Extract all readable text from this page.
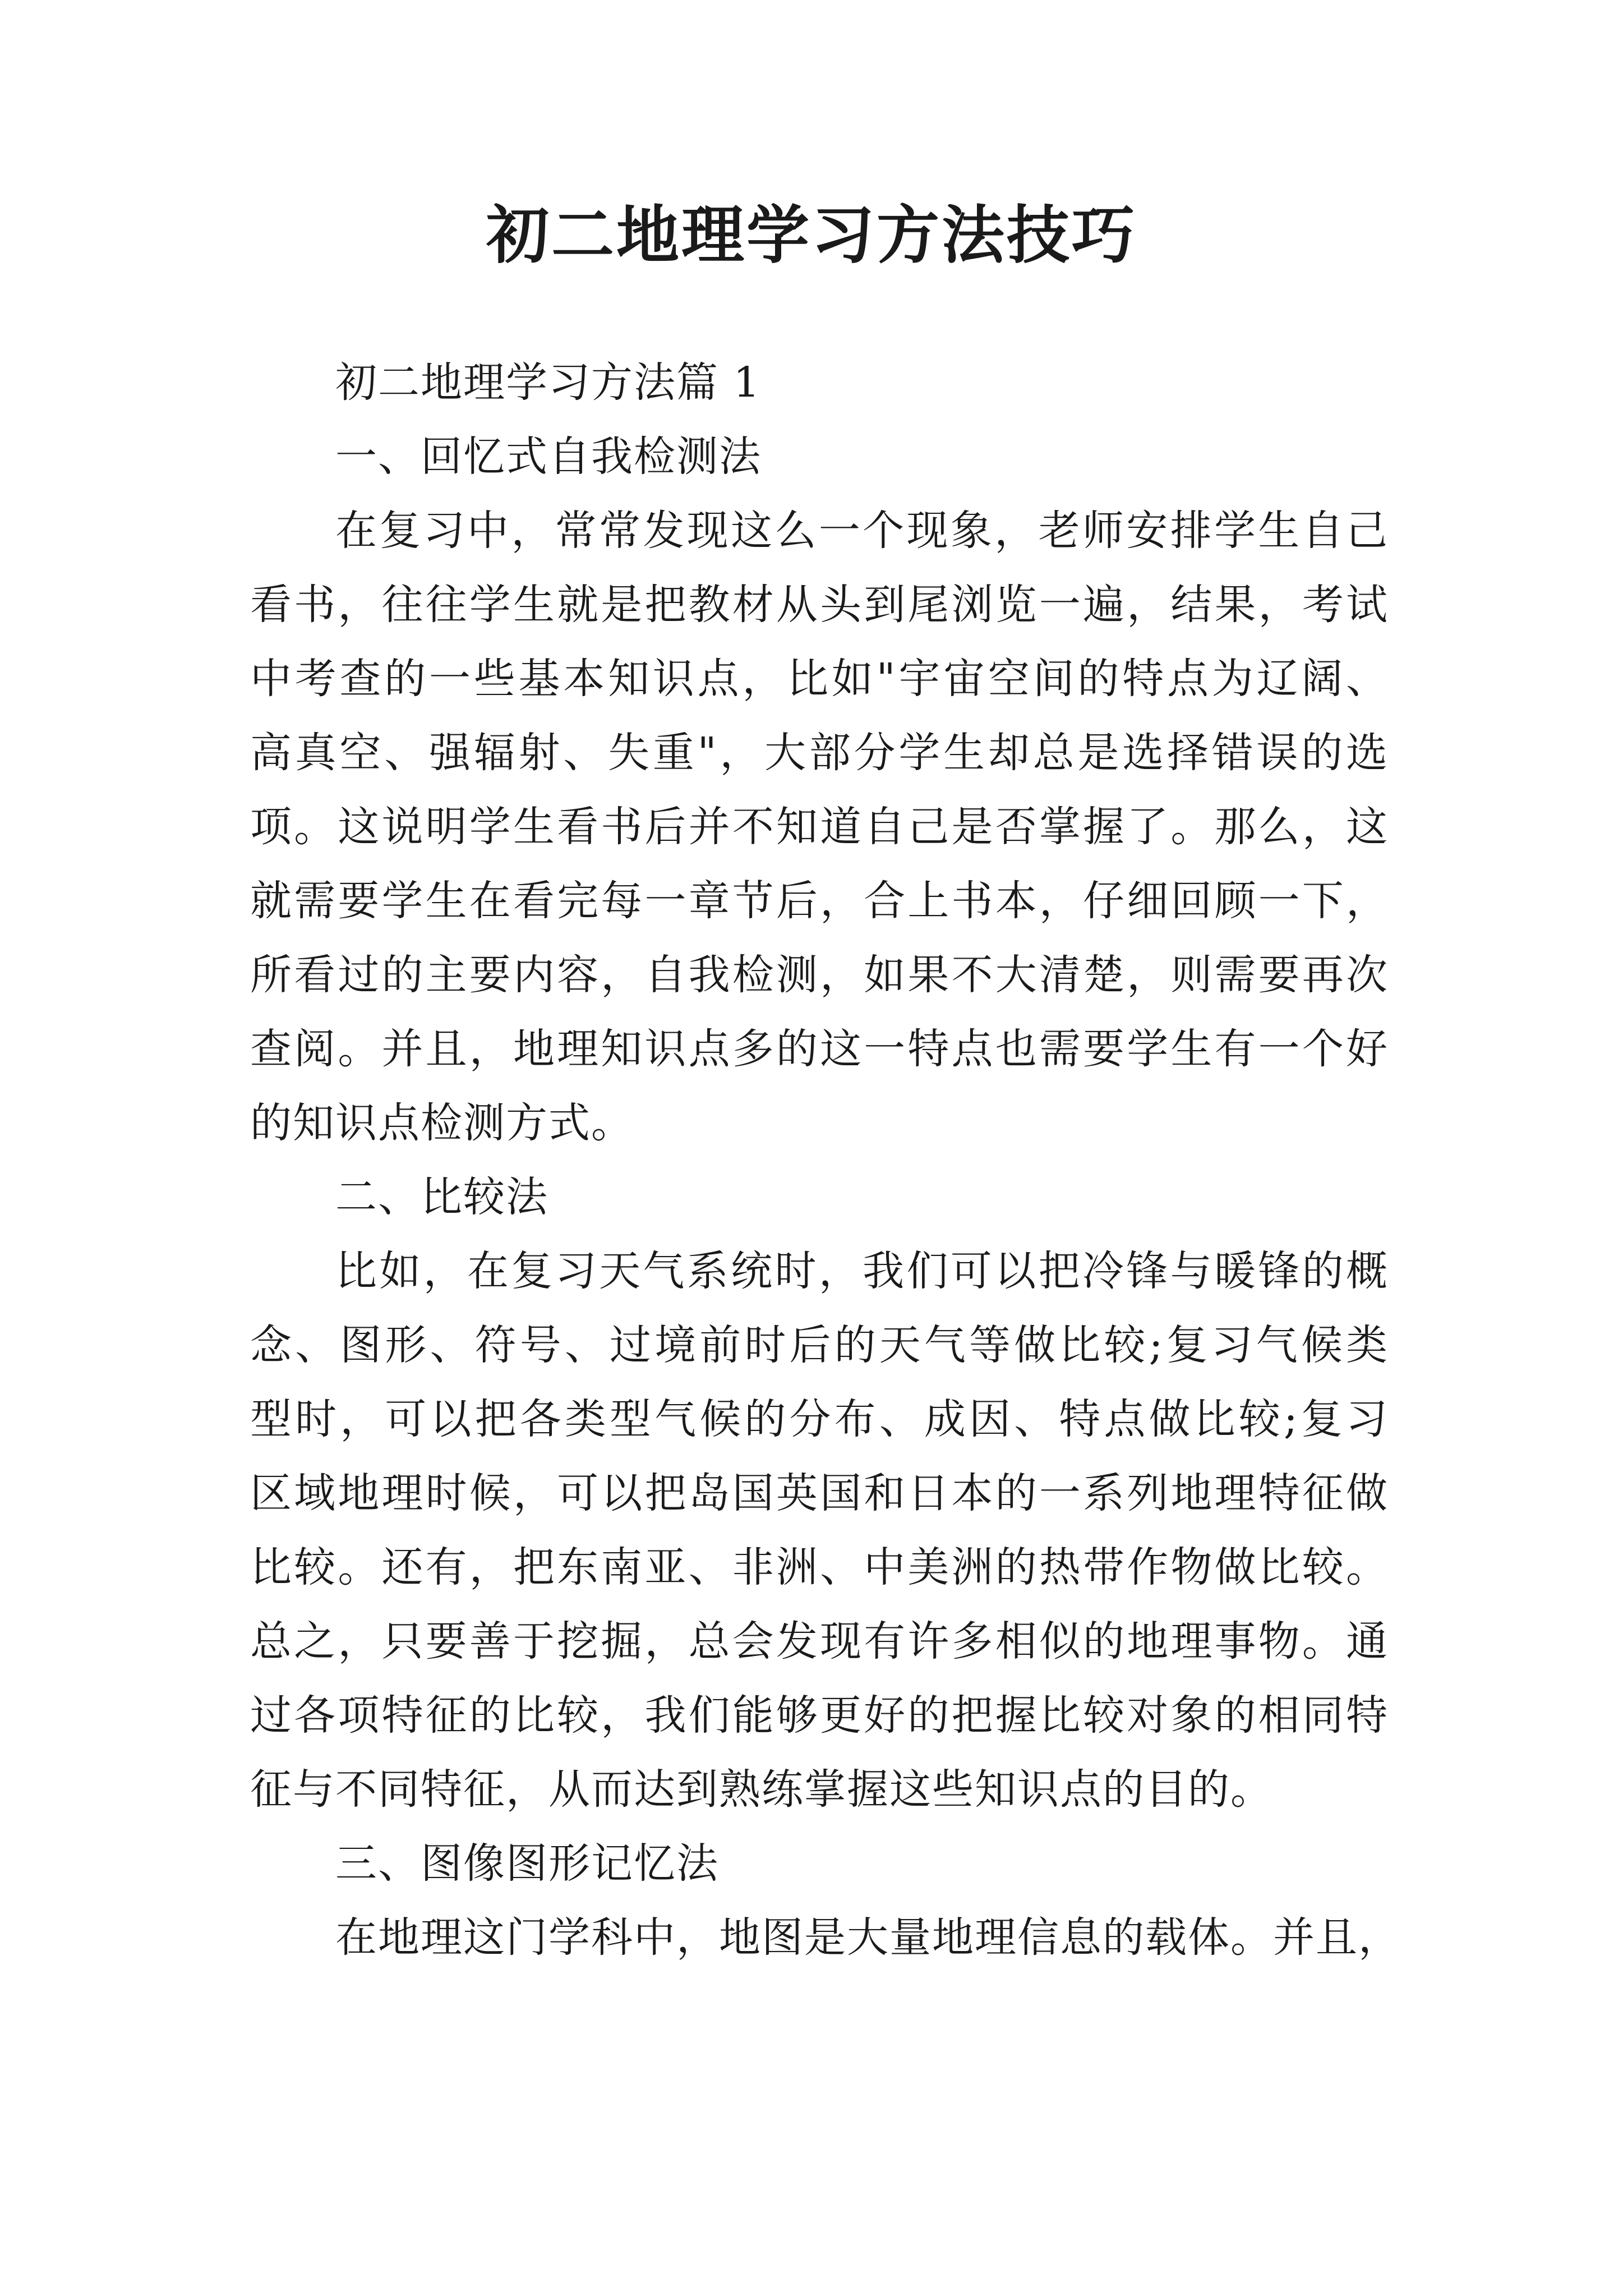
初二地理学习方法技巧
初二地理学习方法篇 1
一、回忆式自我检测法
在复习中，常常发现这么一个现象，老师安排学生自己
看书，往往学生就是把教材从头到尾浏览一遍，结果，考试
中考查的一些基本知识点，比如"宇宙空间的特点为辽阔、
高真空、强辐射、失重"，大部分学生却总是选择错误的选
项。这说明学生看书后并不知道自己是否掌握了。那么，这
就需要学生在看完每一章节后，合上书本，仔细回顾一下，
所看过的主要内容，自我检测，如果不大清楚，则需要再次
查阅。并且，地理知识点多的这一特点也需要学生有一个好
的知识点检测方式。
二、比较法
比如，在复习天气系统时，我们可以把冷锋与暖锋的概
念、图形、符号、过境前时后的天气等做比较;复习气候类
型时，可以把各类型气候的分布、成因、特点做比较;复习
区域地理时候，可以把岛国英国和日本的一系列地理特征做
比较。还有，把东南亚、非洲、中美洲的热带作物做比较。
总之，只要善于挖掘，总会发现有许多相似的地理事物。通
过各项特征的比较，我们能够更好的把握比较对象的相同特
征与不同特征，从而达到熟练掌握这些知识点的目的。
三、图像图形记忆法
在地理这门学科中，地图是大量地理信息的载体。并且，
